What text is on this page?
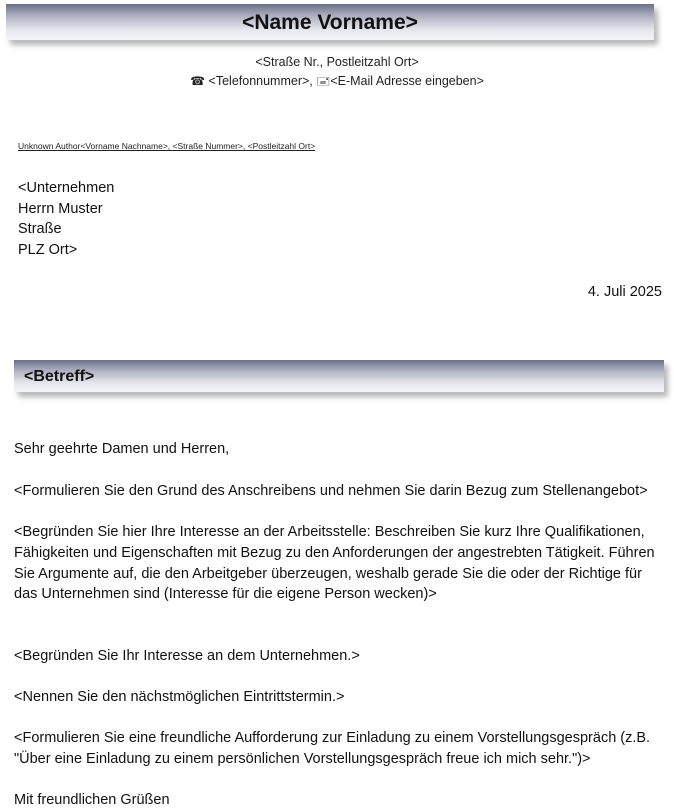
<Name Vorname>
<Straße Nr., Postleitzahl Ort>
☎ <Telefonnummer>, 🖃<E-Mail Adresse eingeben>
Unknown Author<Vorname Nachname>, <Straße Nummer>, <Postleitzahl Ort>
<Unternehmen
Herrn Muster
Straße
PLZ Ort>
4. Juli 2025
<Betreff>
Sehr geehrte Damen und Herren,
<Formulieren Sie den Grund des Anschreibens und nehmen Sie darin Bezug zum Stellenangebot>
<Begründen Sie hier Ihre Interesse an der Arbeitsstelle: Beschreiben Sie kurz Ihre Qualifikationen, Fähigkeiten und Eigenschaften mit Bezug zu den Anforderungen der angestrebten Tätigkeit. Führen Sie Argumente auf, die den Arbeitgeber überzeugen, weshalb gerade Sie die oder der Richtige für das Unternehmen sind (Interesse für die eigene Person wecken)>
<Begründen Sie Ihr Interesse an dem Unternehmen.>
<Nennen Sie den nächstmöglichen Eintrittstermin.>
<Formulieren Sie eine freundliche Aufforderung zur Einladung zu einem Vorstellungsgespräch (z.B. "Über eine Einladung zu einem persönlichen Vorstellungsgespräch freue ich mich sehr.")>
Mit freundlichen Grüßen
